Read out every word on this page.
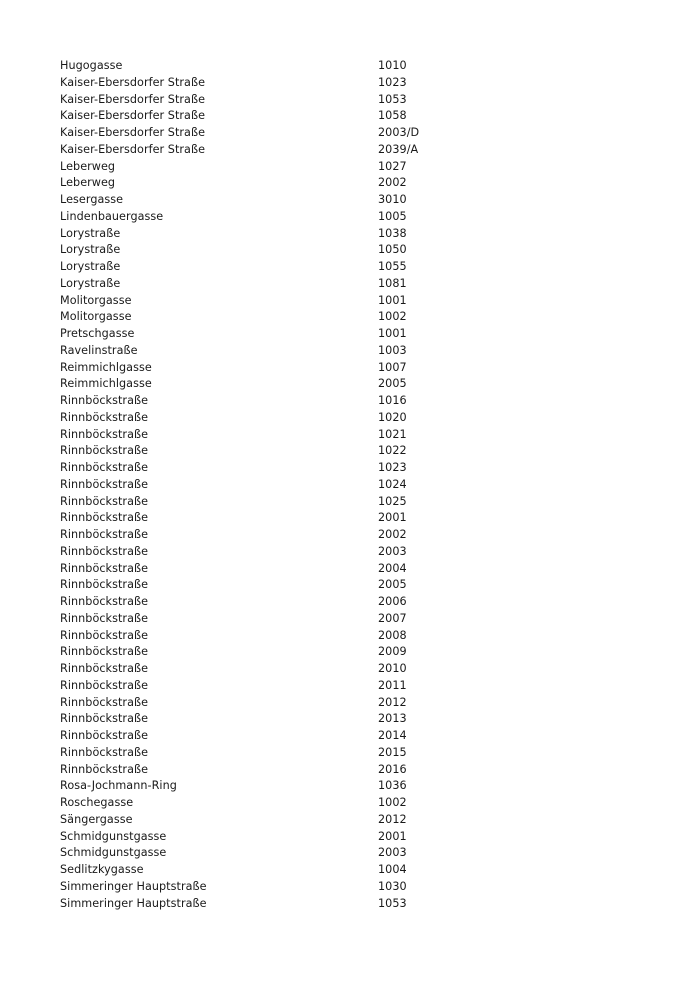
Hugogasse	1010
Kaiser-Ebersdorfer Straße	1023
Kaiser-Ebersdorfer Straße	1053
Kaiser-Ebersdorfer Straße	1058
Kaiser-Ebersdorfer Straße	2003/D
Kaiser-Ebersdorfer Straße	2039/A
Leberweg	1027
Leberweg	2002
Lesergasse	3010
Lindenbauergasse	1005
Lorystraße	1038
Lorystraße	1050
Lorystraße	1055
Lorystraße	1081
Molitorgasse	1001
Molitorgasse	1002
Pretschgasse	1001
Ravelinstraße	1003
Reimmichlgasse	1007
Reimmichlgasse	2005
Rinnböckstraße	1016
Rinnböckstraße	1020
Rinnböckstraße	1021
Rinnböckstraße	1022
Rinnböckstraße	1023
Rinnböckstraße	1024
Rinnböckstraße	1025
Rinnböckstraße	2001
Rinnböckstraße	2002
Rinnböckstraße	2003
Rinnböckstraße	2004
Rinnböckstraße	2005
Rinnböckstraße	2006
Rinnböckstraße	2007
Rinnböckstraße	2008
Rinnböckstraße	2009
Rinnböckstraße	2010
Rinnböckstraße	2011
Rinnböckstraße	2012
Rinnböckstraße	2013
Rinnböckstraße	2014
Rinnböckstraße	2015
Rinnböckstraße	2016
Rosa-Jochmann-Ring	1036
Roschegasse	1002
Sängergasse	2012
Schmidgunstgasse	2001
Schmidgunstgasse	2003
Sedlitzkygasse	1004
Simmeringer Hauptstraße	1030
Simmeringer Hauptstraße	1053
